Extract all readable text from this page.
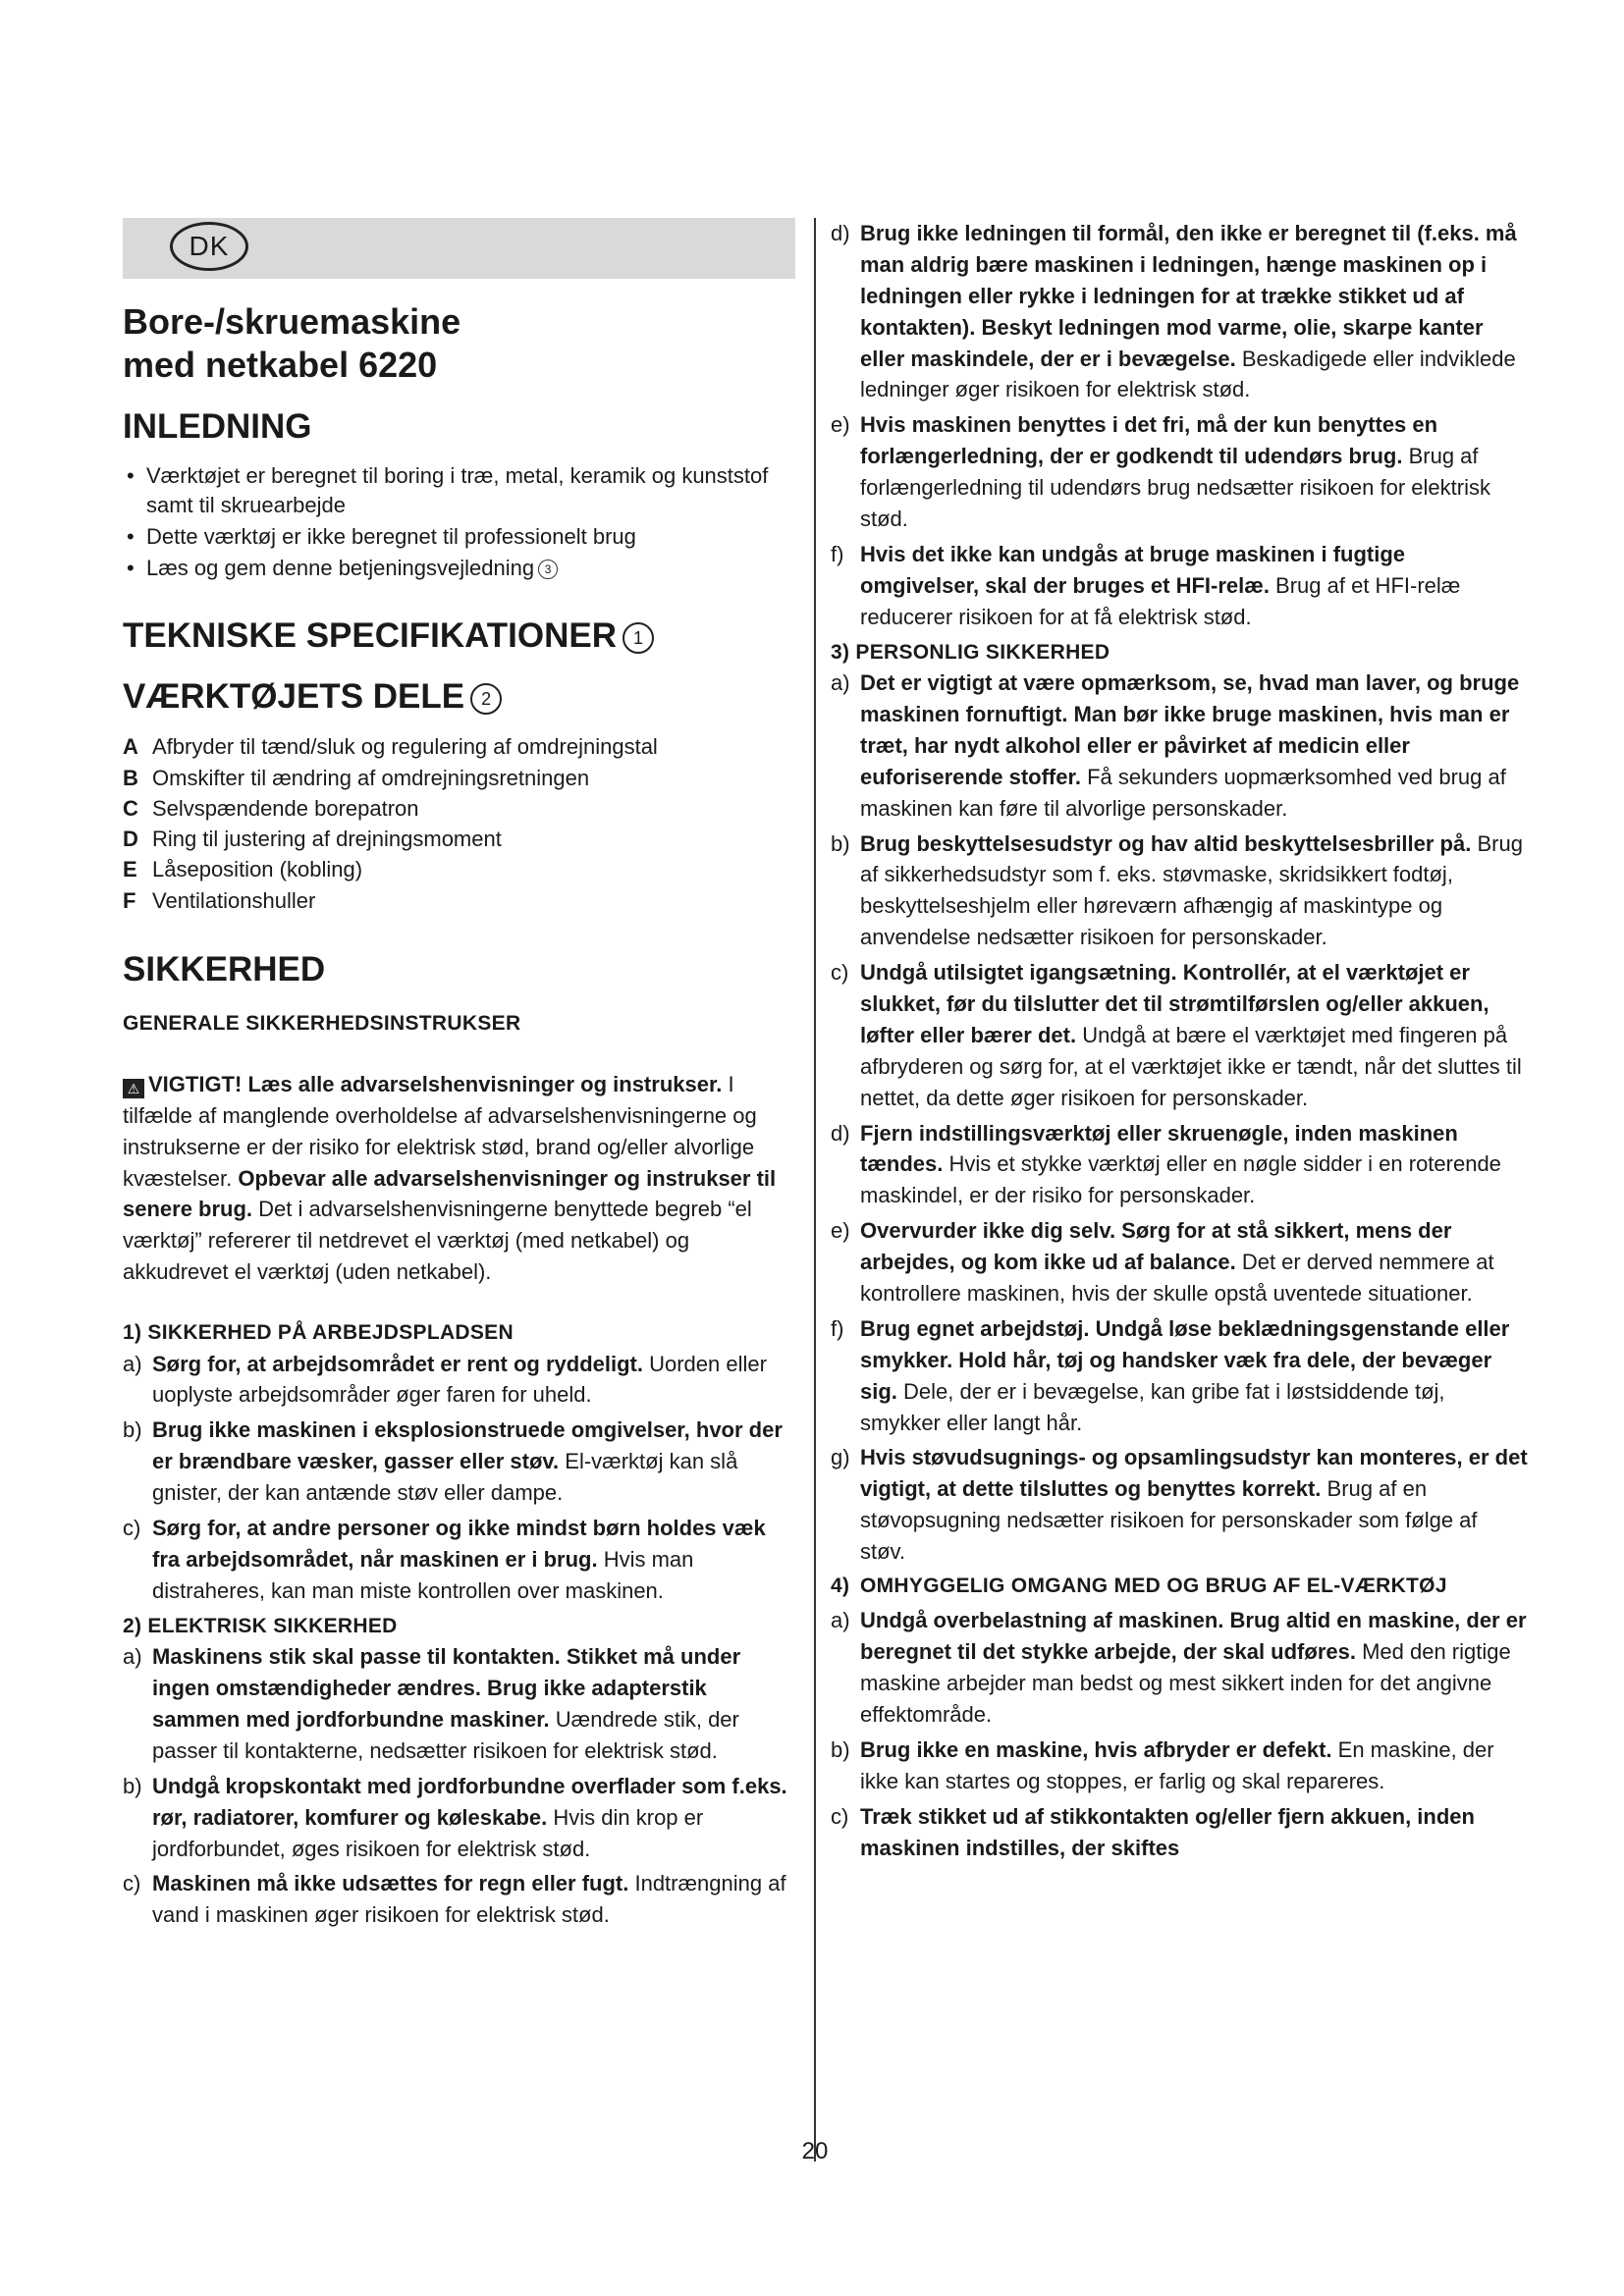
DK
Bore-/skruemaskine
med netkabel 6220
INLEDNING
• Værktøjet er beregnet til boring i træ, metal, keramik og kunststof samt til skruearbejde
• Dette værktøj er ikke beregnet til professionelt brug
• Læs og gem denne betjeningsvejledning 3
TEKNISKE SPECIFIKATIONER 1
VÆRKTØJETS DELE 2
A Afbryder til tænd/sluk og regulering af omdrejningstal
B Omskifter til ændring af omdrejningsretningen
C Selvspændende borepatron
D Ring til justering af drejningsmoment
E Låseposition (kobling)
F Ventilationshuller
SIKKERHED
GENERALE SIKKERHEDSINSTRUKSER

⚠ VIGTIGT! Læs alle advarselshenvisninger og instrukser. I tilfælde af manglende overholdelse af advarselshenvisningerne og instrukserne er der risiko for elektrisk stød, brand og/eller alvorlige kvæstelser. Opbevar alle advarselshenvisninger og instrukser til senere brug. Det i advarselshenvisningerne benyttede begreb “el værktøj” refererer til netdrevet el værktøj (med netkabel) og akkudrevet el værktøj (uden netkabel).

1) SIKKERHED PÅ ARBEJDSPLADSEN
a) Sørg for, at arbejdsområdet er rent og ryddeligt. Uorden eller uoplyste arbejdsområder øger faren for uheld.
b) Brug ikke maskinen i eksplosionstruede omgivelser, hvor der er brændbare væsker, gasser eller støv. El-værktøj kan slå gnister, der kan antænde støv eller dampe.
c) Sørg for, at andre personer og ikke mindst børn holdes væk fra arbejdsområdet, når maskinen er i brug. Hvis man distraheres, kan man miste kontrollen over maskinen.
2) ELEKTRISK SIKKERHED
a) Maskinens stik skal passe til kontakten. Stikket må under ingen omstændigheder ændres. Brug ikke adapterstik sammen med jordforbundne maskiner. Uændrede stik, der passer til kontakterne, nedsætter risikoen for elektrisk stød.
b) Undgå kropskontakt med jordforbundne overflader som f.eks. rør, radiatorer, komfurer og køleskabe. Hvis din krop er jordforbundet, øges risikoen for elektrisk stød.
c) Maskinen må ikke udsættes for regn eller fugt. Indtrængning af vand i maskinen øger risikoen for elektrisk stød.
d) Brug ikke ledningen til formål, den ikke er beregnet til (f.eks. må man aldrig bære maskinen i ledningen, hænge maskinen op i ledningen eller rykke i ledningen for at trække stikket ud af kontakten). Beskyt ledningen mod varme, olie, skarpe kanter eller maskindele, der er i bevægelse. Beskadigede eller indviklede ledninger øger risikoen for elektrisk stød.
e) Hvis maskinen benyttes i det fri, må der kun benyttes en forlængerledning, der er godkendt til udendørs brug. Brug af forlængerledning til udendørs brug nedsætter risikoen for elektrisk stød.
f) Hvis det ikke kan undgås at bruge maskinen i fugtige omgivelser, skal der bruges et HFI-relæ. Brug af et HFI-relæ reducerer risikoen for at få elektrisk stød.
3) PERSONLIG SIKKERHED
a) Det er vigtigt at være opmærksom, se, hvad man laver, og bruge maskinen fornuftigt. Man bør ikke bruge maskinen, hvis man er træt, har nydt alkohol eller er påvirket af medicin eller euforiserende stoffer. Få sekunders uopmærksomhed ved brug af maskinen kan føre til alvorlige personskader.
b) Brug beskyttelsesudstyr og hav altid beskyttelsesbriller på. Brug af sikkerhedsudstyr som f. eks. støvmaske, skridsikkert fodtøj, beskyttelseshjelm eller høreværn afhængig af maskintype og anvendelse nedsætter risikoen for personskader.
c) Undgå utilsigtet igangsætning. Kontrollér, at el værktøjet er slukket, før du tilslutter det til strømtilførslen og/eller akkuen, løfter eller bærer det. Undgå at bære el værktøjet med fingeren på afbryderen og sørg for, at el værktøjet ikke er tændt, når det sluttes til nettet, da dette øger risikoen for personskader.
d) Fjern indstillingsværktøj eller skruenøgle, inden maskinen tændes. Hvis et stykke værktøj eller en nøgle sidder i en roterende maskindel, er der risiko for personskader.
e) Overvurder ikke dig selv. Sørg for at stå sikkert, mens der arbejdes, og kom ikke ud af balance. Det er derved nemmere at kontrollere maskinen, hvis der skulle opstå uventede situationer.
f) Brug egnet arbejdstøj. Undgå løse beklædningsgenstande eller smykker. Hold hår, tøj og handsker væk fra dele, der bevæger sig. Dele, der er i bevægelse, kan gribe fat i løstsiddende tøj, smykker eller langt hår.
g) Hvis støvudsugnings- og opsamlingsudstyr kan monteres, er det vigtigt, at dette tilsluttes og benyttes korrekt. Brug af en støvopsugning nedsætter risikoen for personskader som følge af støv.
4) OMHYGGELIG OMGANG MED OG BRUG AF EL-VÆRKTØJ
a) Undgå overbelastning af maskinen. Brug altid en maskine, der er beregnet til det stykke arbejde, der skal udføres. Med den rigtige maskine arbejder man bedst og mest sikkert inden for det angivne effektområde.
b) Brug ikke en maskine, hvis afbryder er defekt. En maskine, der ikke kan startes og stoppes, er farlig og skal repareres.
c) Træk stikket ud af stikkontakten og/eller fjern akkuen, inden maskinen indstilles, der skiftes
20
